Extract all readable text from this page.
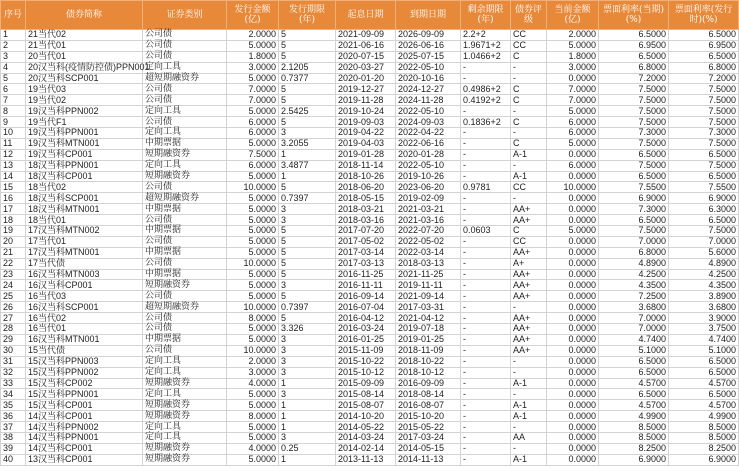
序号	债券简称	证券类别	发行金额(亿)	发行期限(年)	起息日期	到期日期	剩余期限(年)	债券评级	当前金额(亿)	票面利率(当期)(%)	票面利率(发行时)(%)
1	21当代02	公司债	2.0000	5	2021-09-09	2026-09-09	2.2+2	CC	2.0000	6.5000	6.5000
2	21当代01	公司债	5.0000	5	2021-06-16	2026-06-16	1.9671+2	CC	5.0000	6.9500	6.9500
3	20当代01	公司债	1.8000	5	2020-07-15	2025-07-15	1.0466+2	C	1.8000	6.5000	6.5000
4	20汉当科(疫情防控债)PPN001	定向工具	3.0000	2.1205	2020-03-27	2022-05-10	-	-	3.0000	6.8000	6.8000
5	20汉当科SCP001	超短期融资券	5.0000	0.7377	2020-01-20	2020-10-16	-	-	0.0000	7.2000	7.2000
6	19当代03	公司债	7.0000	5	2019-12-27	2024-12-27	0.4986+2	C	7.0000	7.5000	7.5000
7	19当代02	公司债	7.0000	5	2019-11-28	2024-11-28	0.4192+2	C	7.0000	7.5000	7.5000
8	19汉当科PPN002	定向工具	5.0000	2.5425	2019-10-24	2022-05-10	-	-	5.0000	7.5000	7.5000
9	19当代F1	公司债	6.0000	5	2019-09-03	2024-09-03	0.1836+2	C	6.0000	7.5000	7.5000
10	19汉当科PPN001	定向工具	6.0000	3	2019-04-22	2022-04-22	-	-	6.0000	7.3000	7.3000
11	19汉当科MTN001	中期票据	5.0000	3.2055	2019-04-03	2022-06-16	-	C	5.0000	7.5000	7.5000
12	19汉当科CP001	短期融资券	7.5000	1	2019-01-28	2020-01-28	-	A-1	0.0000	6.5000	6.5000
13	18汉当科PPN001	定向工具	6.0000	3.4877	2018-11-14	2022-05-10	-	-	6.0000	7.5000	7.5000
14	18汉当科CP001	短期融资券	5.0000	1	2018-10-26	2019-10-26	-	A-1	0.0000	6.5000	6.5000
15	18当代02	公司债	10.0000	5	2018-06-20	2023-06-20	0.9781	CC	10.0000	7.5500	7.5500
16	18汉当科SCP001	超短期融资券	5.0000	0.7397	2018-05-15	2019-02-09	-	-	0.0000	6.9000	6.9000
17	18汉当科MTN001	中期票据	5.0000	3	2018-03-21	2021-03-21	-	AA+	0.0000	7.3000	6.3000
18	18当代01	公司债	5.0000	3	2018-03-16	2021-03-16	-	AA+	0.0000	6.5000	6.5000
19	17汉当科MTN002	中期票据	5.0000	5	2017-07-20	2022-07-20	0.0603	C	5.0000	7.5000	7.5000
20	17当代01	公司债	5.0000	5	2017-05-02	2022-05-02	-	CC	0.0000	7.0000	7.0000
21	17汉当科MTN001	中期票据	5.0000	5	2017-03-14	2022-03-14	-	AA+	0.0000	6.8000	5.6000
22	17当代债	公司债	10.0000	5	2017-03-13	2018-03-13	-	A+	0.0000	4.8900	4.8900
23	16汉当科MTN003	中期票据	5.0000	5	2016-11-25	2021-11-25	-	AA+	0.0000	4.2500	4.2500
24	16汉当科CP001	短期融资券	5.0000	3	2016-11-11	2019-11-11	-	AA+	0.0000	4.3500	4.3500
25	16当代03	公司债	5.0000	5	2016-09-14	2021-09-14	-	AA+	0.0000	7.2500	3.8900
26	16汉当科SCP001	超短期融资券	10.0000	0.7397	2016-07-04	2017-03-31	-	-	0.0000	3.6800	3.6800
27	16当代02	公司债	8.0000	5	2016-04-12	2021-04-12	-	AA+	0.0000	7.0000	3.9000
28	16当代01	公司债	5.0000	3.326	2016-03-24	2019-07-18	-	AA+	0.0000	7.0000	3.7500
29	16汉当科MTN001	中期票据	5.0000	3	2016-01-25	2019-01-25	-	AA+	0.0000	4.7400	4.7400
30	15当代债	公司债	10.0000	3	2015-11-09	2018-11-09	-	AA+	0.0000	5.1000	5.1000
31	15汉当科PPN003	定向工具	2.0000	3	2015-10-22	2018-10-22	-	-	0.0000	6.5000	6.5000
32	15汉当科PPN002	定向工具	3.0000	3	2015-10-12	2018-10-12	-	-	0.0000	6.5000	6.5000
33	15汉当科CP002	短期融资券	4.0000	1	2015-09-09	2016-09-09	-	A-1	0.0000	4.5700	4.5700
34	15汉当科PPN001	定向工具	5.0000	3	2015-08-14	2018-08-14	-	-	0.0000	6.5000	6.5000
35	15汉当科CP001	短期融资券	5.0000	1	2015-08-07	2016-08-07	-	A-1	0.0000	4.5700	4.5700
36	14汉当科CP001	短期融资券	8.0000	1	2014-10-20	2015-10-20	-	A-1	0.0000	4.9900	4.9900
37	14汉当科PPN002	定向工具	5.0000	1	2014-05-22	2015-05-22	-	-	0.0000	8.5000	8.5000
38	14汉当科PPN001	定向工具	5.0000	3	2014-03-24	2017-03-24	-	AA	0.0000	8.5000	8.5000
39	14汉当科CP001	短期融资券	4.0000	0.25	2014-02-14	2014-05-15	-	-	0.0000	8.2500	8.2500
40	13汉当科CP001	短期融资券	5.0000	1	2013-11-13	2014-11-13	-	A-1	0.0000	6.9000	6.9000
